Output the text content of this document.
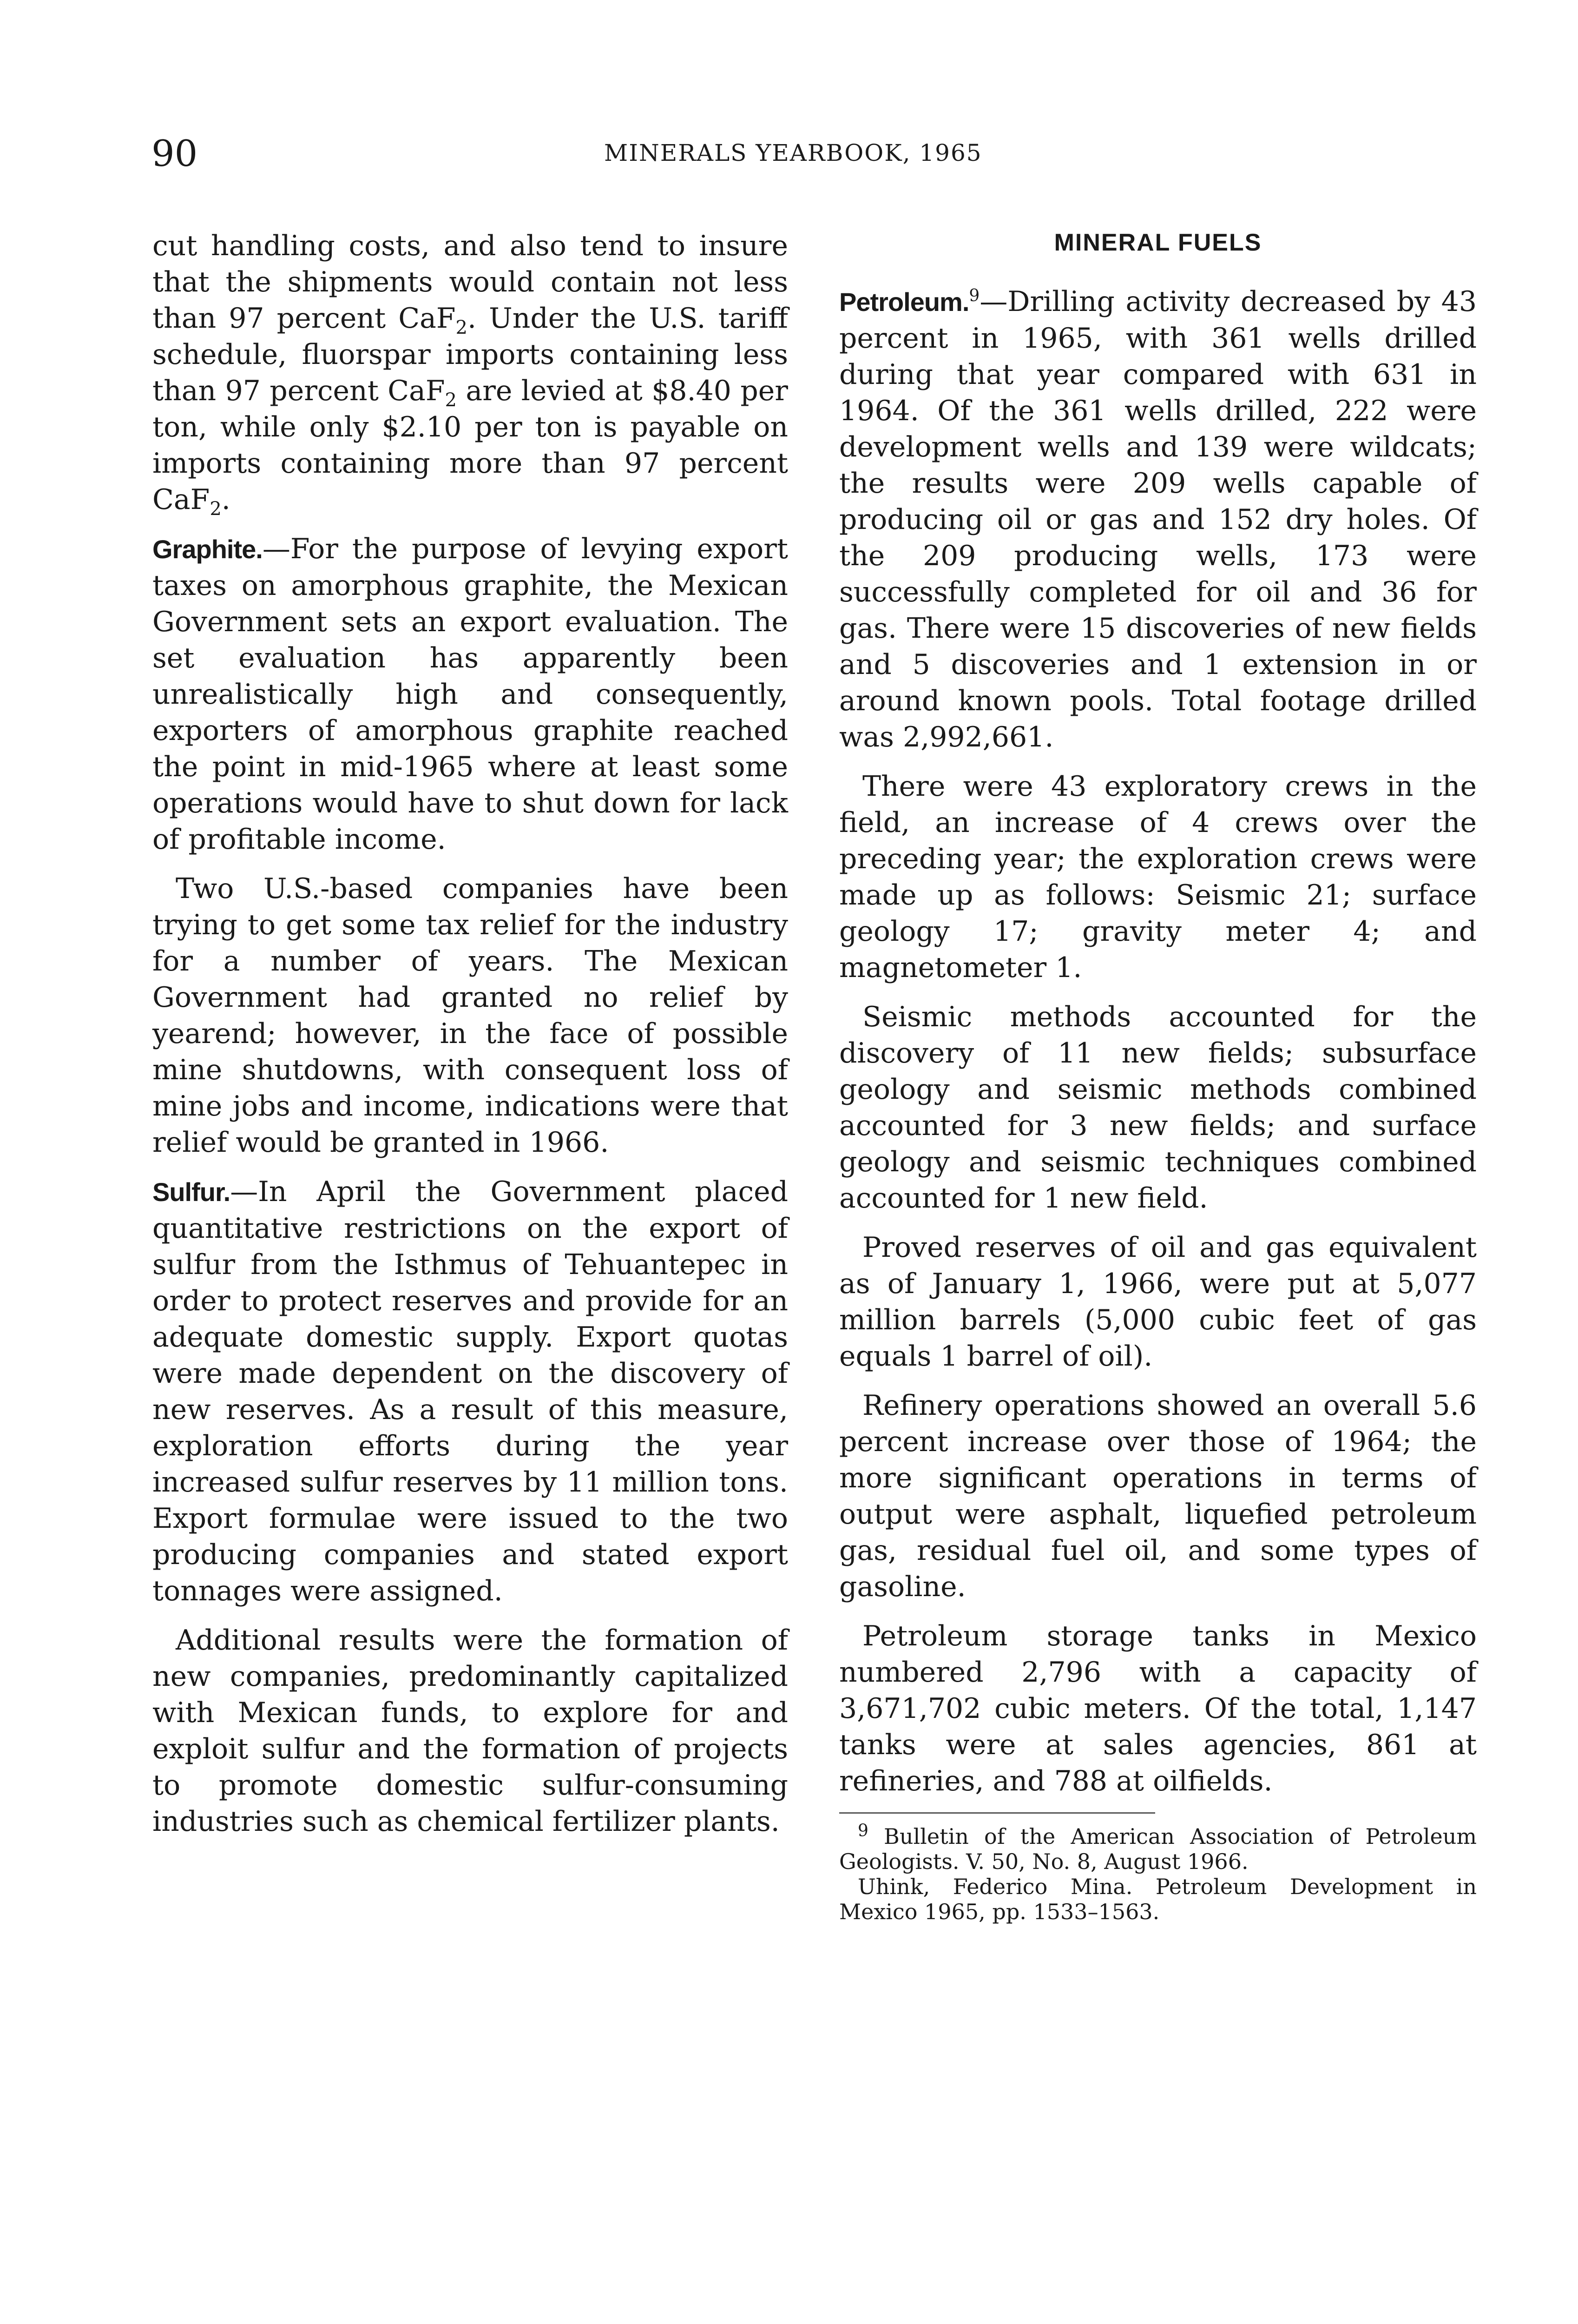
90	MINERALS YEARBOOK, 1965

cut handling costs, and also tend to insure that the shipments would contain not less than 97 percent CaF$_2$. Under the U.S. tariff schedule, fluorspar imports containing less than 97 percent CaF$_2$ are levied at $8.40 per ton, while only $2.10 per ton is payable on imports containing more than 97 percent CaF$_2$.

Graphite.—For the purpose of levying export taxes on amorphous graphite, the Mexican Government sets an export evaluation. The set evaluation has apparently been unrealistically high and consequently, exporters of amorphous graphite reached the point in mid-1965 where at least some operations would have to shut down for lack of profitable income.

Two U.S.-based companies have been trying to get some tax relief for the industry for a number of years. The Mexican Government had granted no relief by yearend; however, in the face of possible mine shutdowns, with consequent loss of mine jobs and income, indications were that relief would be granted in 1966.

Sulfur.—In April the Government placed quantitative restrictions on the export of sulfur from the Isthmus of Tehuantepec in order to protect reserves and provide for an adequate domestic supply. Export quotas were made dependent on the discovery of new reserves. As a result of this measure, exploration efforts during the year increased sulfur reserves by 11 million tons. Export formulae were issued to the two producing companies and stated export tonnages were assigned.

Additional results were the formation of new companies, predominantly capitalized with Mexican funds, to explore for and exploit sulfur and the formation of projects to promote domestic sulfur-consuming industries such as chemical fertilizer plants.

MINERAL FUELS

Petroleum.$^9$—Drilling activity decreased by 43 percent in 1965, with 361 wells drilled during that year compared with 631 in 1964. Of the 361 wells drilled, 222 were development wells and 139 were wildcats; the results were 209 wells capable of producing oil or gas and 152 dry holes. Of the 209 producing wells, 173 were successfully completed for oil and 36 for gas. There were 15 discoveries of new fields and 5 discoveries and 1 extension in or around known pools. Total footage drilled was 2,992,661.

There were 43 exploratory crews in the field, an increase of 4 crews over the preceding year; the exploration crews were made up as follows: Seismic 21; surface geology 17; gravity meter 4; and magnetometer 1.

Seismic methods accounted for the discovery of 11 new fields; subsurface geology and seismic methods combined accounted for 3 new fields; and surface geology and seismic techniques combined accounted for 1 new field.

Proved reserves of oil and gas equivalent as of January 1, 1966, were put at 5,077 million barrels (5,000 cubic feet of gas equals 1 barrel of oil).

Refinery operations showed an overall 5.6 percent increase over those of 1964; the more significant operations in terms of output were asphalt, liquefied petroleum gas, residual fuel oil, and some types of gasoline.

Petroleum storage tanks in Mexico numbered 2,796 with a capacity of 3,671,702 cubic meters. Of the total, 1,147 tanks were at sales agencies, 861 at refineries, and 788 at oilfields.

$^9$ Bulletin of the American Association of Petroleum Geologists. V. 50, No. 8, August 1966.

Uhink, Federico Mina. Petroleum Development in Mexico 1965, pp. 1533–1563.
